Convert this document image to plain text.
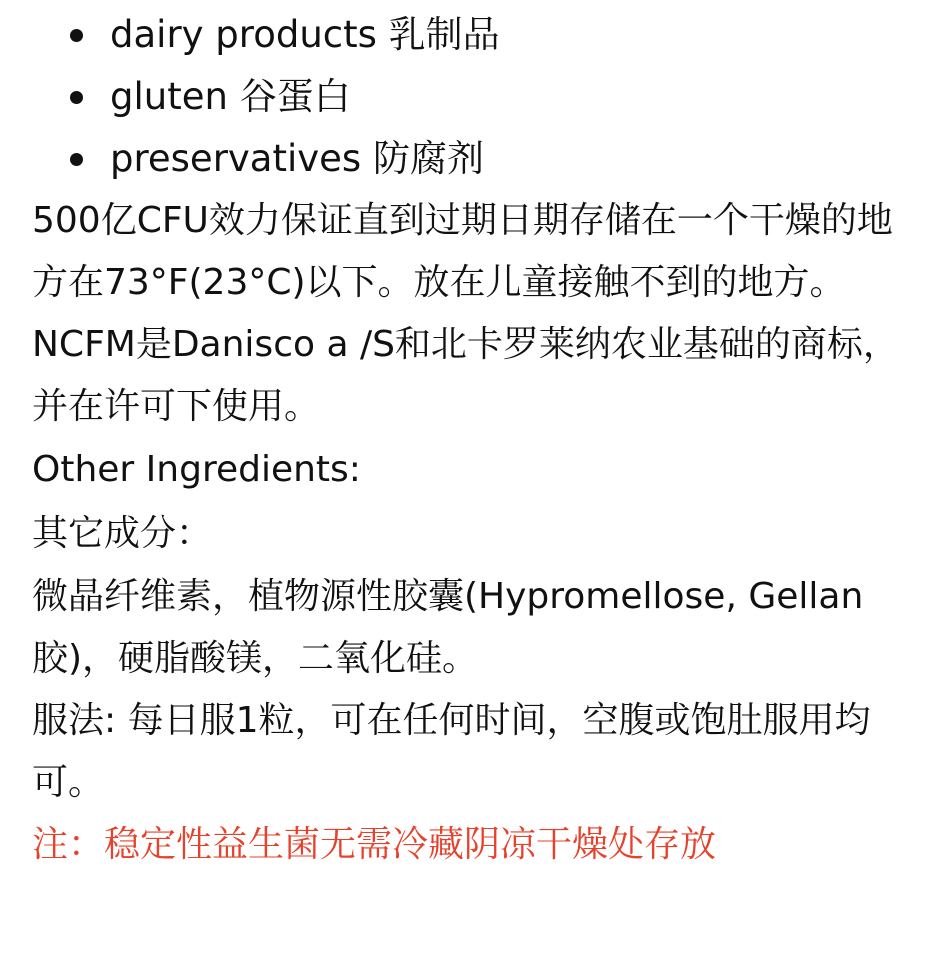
dairy products 乳制品
gluten 谷蛋白
preservatives 防腐剂

500亿CFU效力保证直到过期日期存储在一个干燥的地方在73°F(23°C)以下。放在儿童接触不到的地方。

NCFM是Danisco a /S和北卡罗莱纳农业基础的商标，并在许可下使用。

Other Ingredients:

其它成分：

微晶纤维素，植物源性胶囊(Hypromellose, Gellan胶)，硬脂酸镁，二氧化硅。

服法: 每日服1粒，可在任何时间，空腹或饱肚服用均可。

注：稳定性益生菌无需冷藏阴凉干燥处存放
